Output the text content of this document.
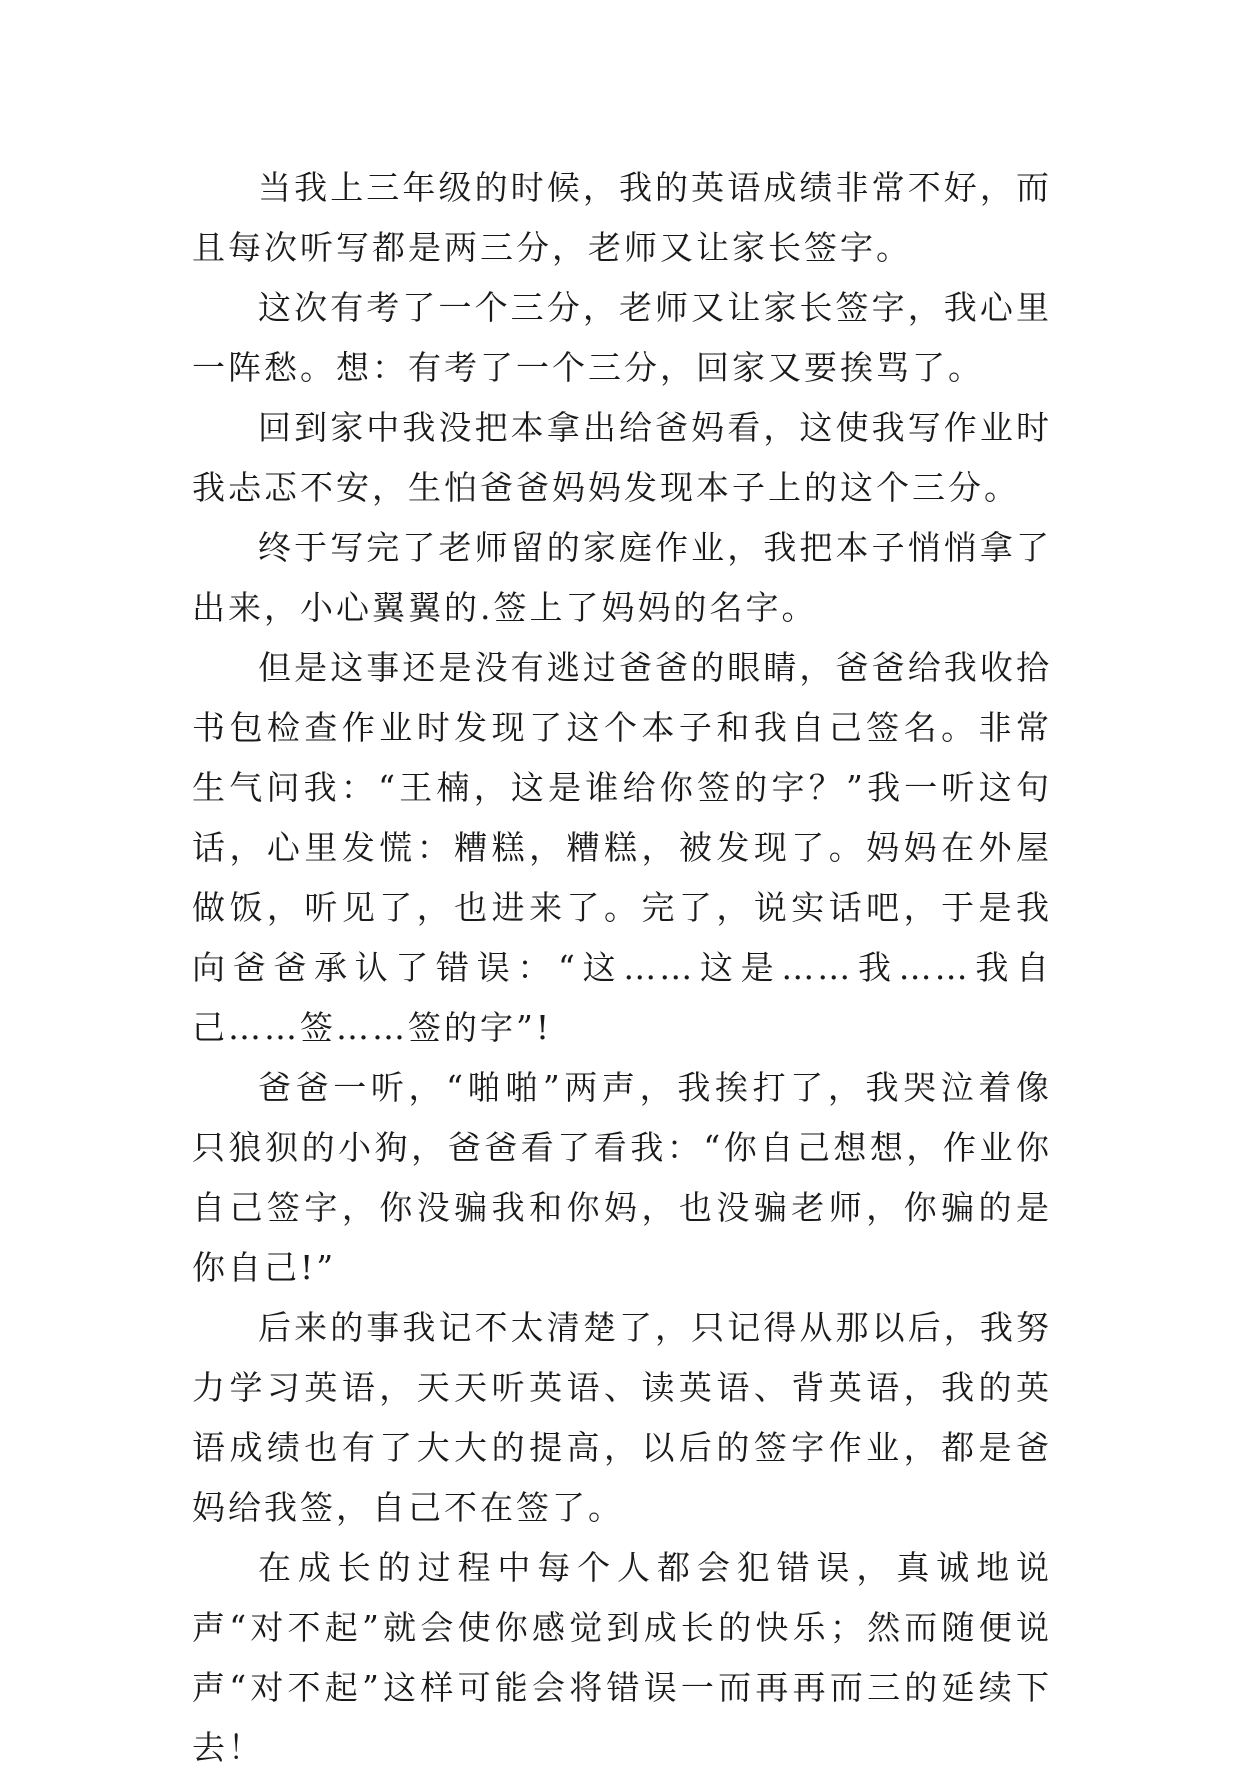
当我上三年级的时候，我的英语成绩非常不好，而且每次听写都是两三分，老师又让家长签字。

这次有考了一个三分，老师又让家长签字，我心里一阵愁。想：有考了一个三分，回家又要挨骂了。

回到家中我没把本拿出给爸妈看，这使我写作业时我忐忑不安，生怕爸爸妈妈发现本子上的这个三分。

终于写完了老师留的家庭作业，我把本子悄悄拿了出来，小心翼翼的.签上了妈妈的名字。

但是这事还是没有逃过爸爸的眼睛，爸爸给我收拾书包检查作业时发现了这个本子和我自己签名。非常生气问我：“王楠，这是谁给你签的字？”我一听这句话，心里发慌：糟糕，糟糕，被发现了。妈妈在外屋做饭，听见了，也进来了。完了，说实话吧，于是我向爸爸承认了错误：“这……这是……我……我自己……签……签的字”!

爸爸一听，“啪啪”两声，我挨打了，我哭泣着像只狼狈的小狗，爸爸看了看我：“你自己想想，作业你自己签字，你没骗我和你妈，也没骗老师，你骗的是你自己!”

后来的事我记不太清楚了，只记得从那以后，我努力学习英语，天天听英语、读英语、背英语，我的英语成绩也有了大大的提高，以后的签字作业，都是爸妈给我签，自己不在签了。

在成长的过程中每个人都会犯错误，真诚地说声“对不起”就会使你感觉到成长的快乐；然而随便说声“对不起”这样可能会将错误一而再再而三的延续下去！
